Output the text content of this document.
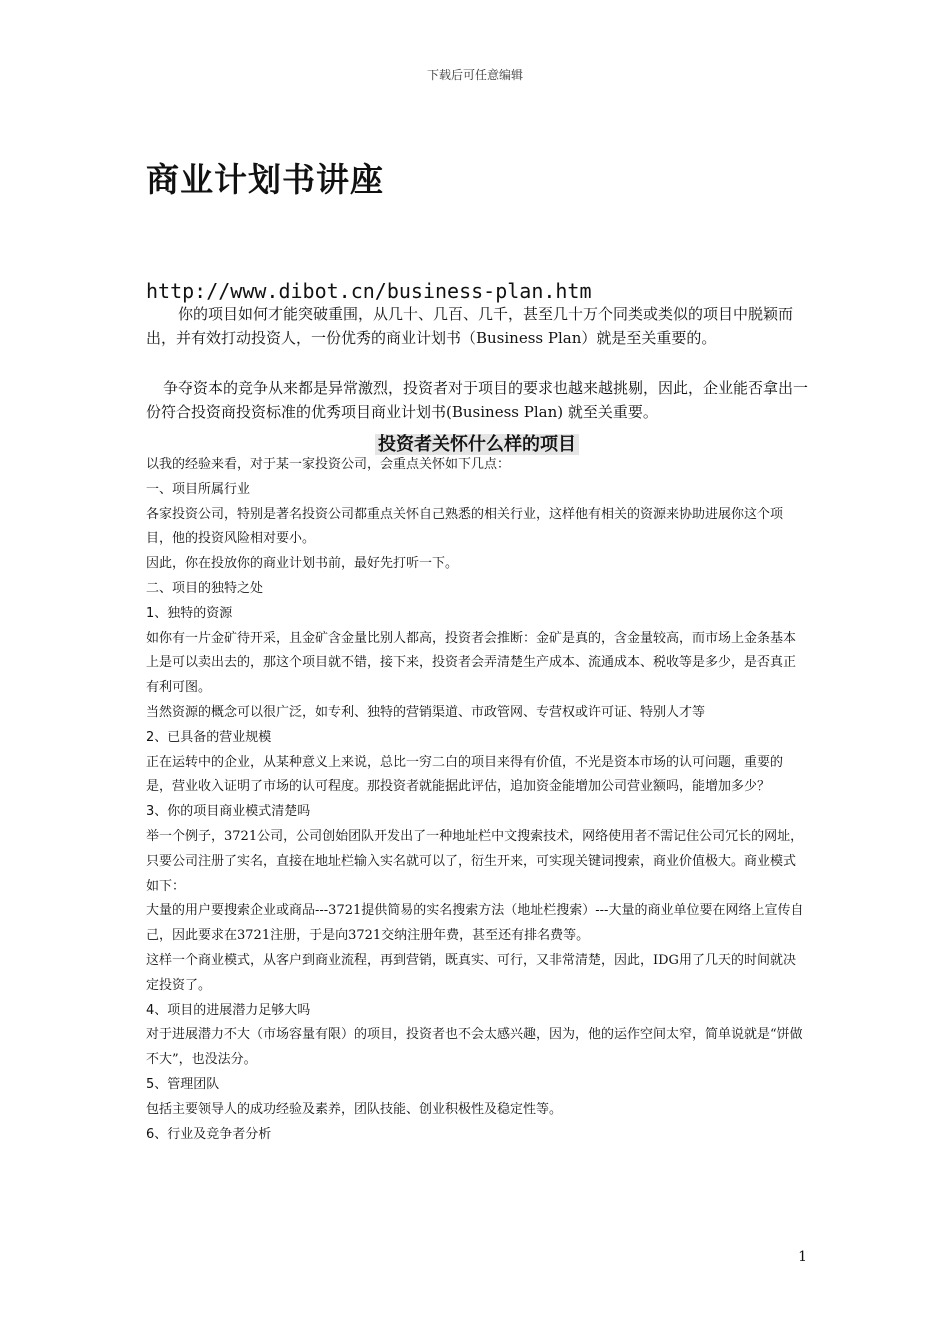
下载后可任意编辑
商业计划书讲座
http://www.dibot.cn/business-plan.htm

你的项目如何才能突破重围，从几十、几百、几千，甚至几十万个同类或类似的项目中脱颖而出，并有效打动投资人，一份优秀的商业计划书（Business Plan）就是至关重要的。

争夺资本的竞争从来都是异常激烈，投资者对于项目的要求也越来越挑剔，因此，企业能否拿出一份符合投资商投资标准的优秀项目商业计划书(Business Plan) 就至关重要。

投资者关怀什么样的项目

以我的经验来看，对于某一家投资公司，会重点关怀如下几点：

一、项目所属行业

各家投资公司，特别是著名投资公司都重点关怀自己熟悉的相关行业，这样他有相关的资源来协助进展你这个项目，他的投资风险相对要小。

因此，你在投放你的商业计划书前，最好先打听一下。

二、项目的独特之处

1、独特的资源

如你有一片金矿待开采，且金矿含金量比别人都高，投资者会推断：金矿是真的，含金量较高，而市场上金条基本上是可以卖出去的，那这个项目就不错，接下来，投资者会弄清楚生产成本、流通成本、税收等是多少，是否真正有利可图。

当然资源的概念可以很广泛，如专利、独特的营销渠道、市政管网、专营权或许可证、特别人才等

2、已具备的营业规模

正在运转中的企业，从某种意义上来说，总比一穷二白的项目来得有价值，不光是资本市场的认可问题，重要的是，营业收入证明了市场的认可程度。那投资者就能据此评估，追加资金能增加公司营业额吗，能增加多少？

3、你的项目商业模式清楚吗

举一个例子，3721公司，公司创始团队开发出了一种地址栏中文搜索技术，网络使用者不需记住公司冗长的网址，只要公司注册了实名，直接在地址栏输入实名就可以了，衍生开来，可实现关键词搜索，商业价值极大。商业模式如下：

大量的用户要搜索企业或商品---3721提供简易的实名搜索方法（地址栏搜索）---大量的商业单位要在网络上宣传自己，因此要求在3721注册，于是向3721交纳注册年费，甚至还有排名费等。

这样一个商业模式，从客户到商业流程，再到营销，既真实、可行，又非常清楚，因此，IDG用了几天的时间就决定投资了。

4、项目的进展潜力足够大吗

对于进展潜力不大（市场容量有限）的项目，投资者也不会太感兴趣，因为，他的运作空间太窄，简单说就是“饼做不大”，也没法分。

5、管理团队

包括主要领导人的成功经验及素养，团队技能、创业积极性及稳定性等。

6、行业及竞争者分析

1
